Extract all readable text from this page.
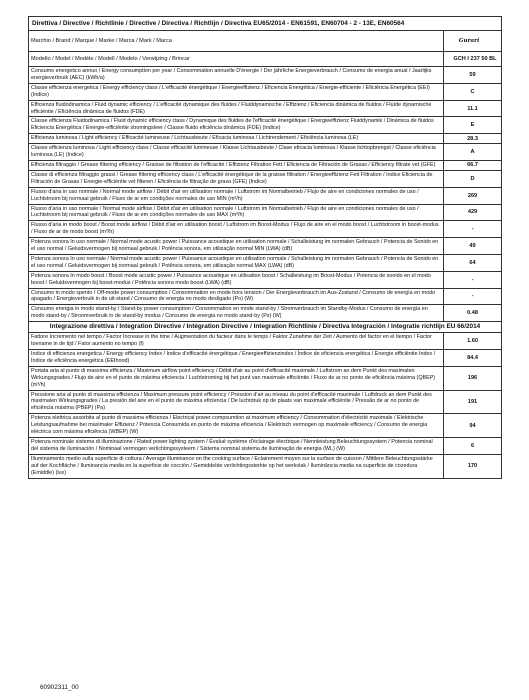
Direttiva / Directive / Richtlinie / Directive / Directiva / Richtlijn / Directiva EU65/2014 - EN61591, EN60704 - 2 - 13E, EN60564	
Marchio / Brand / Marque / Marke / Marca / Mark / Marca	Gurari
Modello / Model / Modèle / Modell / Modelo / Verwijzing / Brincar	GCH I 237 50 BL
Consumo energetico annuo / Energy consumption per year / Consommation annuelle D'énergie / Der jährliche Energieverbrauch / Consumo de energía anual / Jaarlijks energieverbruik (AEC) (kWh/a)	59
Classe efficienza energetica / Energy efficiency class / L'efficacité énergétique / Energieeffizienz / Eficiencia Energética / Energie-efficiente / Eficiência Energética (EEI) (Indice)	C
Efficienza fluidodinamica / Fluid dynamic efficiency / L'efficacité dynamique des fluides / Fluiddynamische / Effizienz / Eficiencia dinámica de fluidos / Fluïde dynamische efficiëntie / Eficiência dinâmica de fluidos (FDE)	11.1
Classe efficienza Fluidodinamica / Fluid dynamic efficiency class / Dynamique des fluides de l'efficacité énergétique / Energieeffizienz Fluiddynamik / Dinámica de fluidos Eficiencia Energética / Energie-efficiëntie stromingsleer / Classe fluido eficiência dinâmica (FDE) (Indice)	E
Efficienza luminosa / Light efficiency / Efficacité lumineuse / Lichtausbeute / Eficacia luminosa / Lichtrendement / Eficiência luminosa (LE)	28.3
Classe efficienza luminosa / Light efficiency class / Classe efficacité lumineuse / Klasse Lichtausbeute / Clase eficacia luminosa / Klasse lichtopbrengst / Classe eficiência luminosa (LE) (Indice)	A
Efficienza filtraggio / Grease filtering efficiency / Graisse de filtration de l'efficacité / Effizienz Filtration Fett / Eficiencia de Filtración de Grasas / Efficiency filtrate vet (GFE)	66.7
Classe di efficienza filtraggio grassi / Grease filtering efficiency class / L'efficacité énergétique de la graisse filtration / Energieeffizienz Fett Filtration / Indice Eficiencia de Filtración de Grasas / Energie-efficiëntie vet filteren / Eficiência de filtração de graxa (GFE) (Indice)	D
Flusso d'aria in uso normale / Normal mode airflow / Débit d'air en utilisation normale / Luftstrom im Normalbetrieb / Flujo de aire en condiciones normales de uso / Luchtstroom bij normaal gebruik / Fluxo de ar em condições normales de uso MIN (m³/h)	269
Flusso d'aria in uso normale / Normal mode airflow / Débit d'air en utilisation normale / Luftstrom im Normalbetrieb / Flujo de aire en condiciones normales de uso / Luchtstroom bij normaal gebruik / Fluxo de ar em condições normales de uso MAX (m³/h)	429
Flusso d'aria in modo boost / Boost mode airflow / Débit d'air en utilisation boost / Luftstrom im Boost-Modus / Flujo de aire en el modo boost / Luchtstroom in boost-modus / Fluxo de ar de modo boost (m³/h)	-
Potenza sonora In uso normale / Normal mode acustic power / Puissance acoustique en utilisation normale / Schalleistung im normalen Gebrauch / Potencia de Sonido en el uso normal / Geluidsvermogen bij normaal gebruik / Potência sonora, em utilização normal MIN (LWA) (dB)	49
Potenza sonora In uso normale / Normal mode acustic power / Puissance acoustique en utilisation normale / Schalleistung im normalen Gebrauch / Potencia de Sonido en el uso normal / Geluidsvermogen bij normaal gebruik / Potência sonora, em utilização normal MAX (LWA) (dB)	64
Potenza sonora In modo boost / Boost mode acustic power / Puissance acoustique en utilisation boost / Schalleistung im Boost-Modus / Potencia de sonido en el modo boost / Geluidsvermogen bij boost-modus / Potência sonora modo boost (LWA) (dB)	-
Consumo in modo spento / Off-mode power consumption / Consommation en mode hors tension / Der Energieverbrauch im Aus-Zustand / Consumo de energía en modo apagado / Energieverbruik in de uit-stand / Consumo de energia no modo desligado (Po) (W)	-
Consumo energia in modo stand-by / Stand-by power consumption / Consommation en mode stand-by / Stromverbrauch im Standby-Modus / Consumo de energía en modo stand-by / Stroomverbruik in de stand-by modus / Consumo de energia no modo stand-by (Ps) (W)	0.48
Integrazione direttiva / Integration Directive / Intégration Directive / Integration Richtlinie / Directiva Integración / Integratie richtlijn EU 66/2014	
Fattore Incremento nel tempo / Factor Increase in the time / Augmentation du facteur dans le temps / Faktor Zunahme der Zeit / Aumento del factor en el tiempo / Factor toename in de tijd / Fator aumento no tempo (f)	1.60
Indice di efficienza energetica / Energy efficiency Index / Indice d'efficacité énergétique / Energieeffizienzindex / Índice de eficiencia energética / Energie efficiëntie Index / Índice de eficiência energética (EEIhood)	84.4
Portata aria al punto di massima efficienza / Maximum airflow point efficiency / Débit d'air au point d'efficacité maximale / Luftstrom an dem Punkt des maximalen Wirkungsgrades / Flujo de aire en el punto de máxima eficiencia / Luchtstroming bij het punt van maximale efficiëntie / Fluxo de ar no ponto de eficiência máxima (QBEP) (m³/h)	196
Pressione aria al punto di massima efficienza / Maximum pressure point efficiency / Pression d'air au niveau du point d'efficacité maximale / Luftdruck an dem Punkt des maximalen Wirkungsgrades / La presión del aire en el punto de máxima eficiencia / De luchtdruk op de plaats van maximale efficiëntie / Pressão de ar no ponto de eficiência máxima (PBEP) (Pa)	191
Potenza elettrica assorbita al punto di massima efficienza / Electrical power compsumtion at maximum efficiency / Consommation d'électricité maximale / Elektrische Leistungsaufnahme bei maximaler Effizienz / Potencia Consumida en punto de máxima eficiencia / Elektrisch vermogen op maximale efficiency / Consumo de energia eléctrica com máxima eficiência (WBEP) (W)	94
Potenza nominale sistema di illuminazione / Rated power lighting system / Évalué système d'éclairage électrique / Nennleistung Beleuchtungssystem / Potencia nominal del sistema de iluminación / Nominaal vermogen verlichtingssysteem / Sistema nominal sistema de iluminação de energia (WL) (W)	6
Illuminamento medio sulla superficie di cottura / Average illuminance on the cooking surface / Eclairement moyen sur la surface de cuisson / Mittlere Beleuchtungsstärke auf der Kochfläche / Iluminancia media en la superficie de cocción / Gemiddelde verlichtingssterkte op het werkvlak / Iluminância media na superficie de cozedura (Emiddle) (lux)	170
60902311_00
